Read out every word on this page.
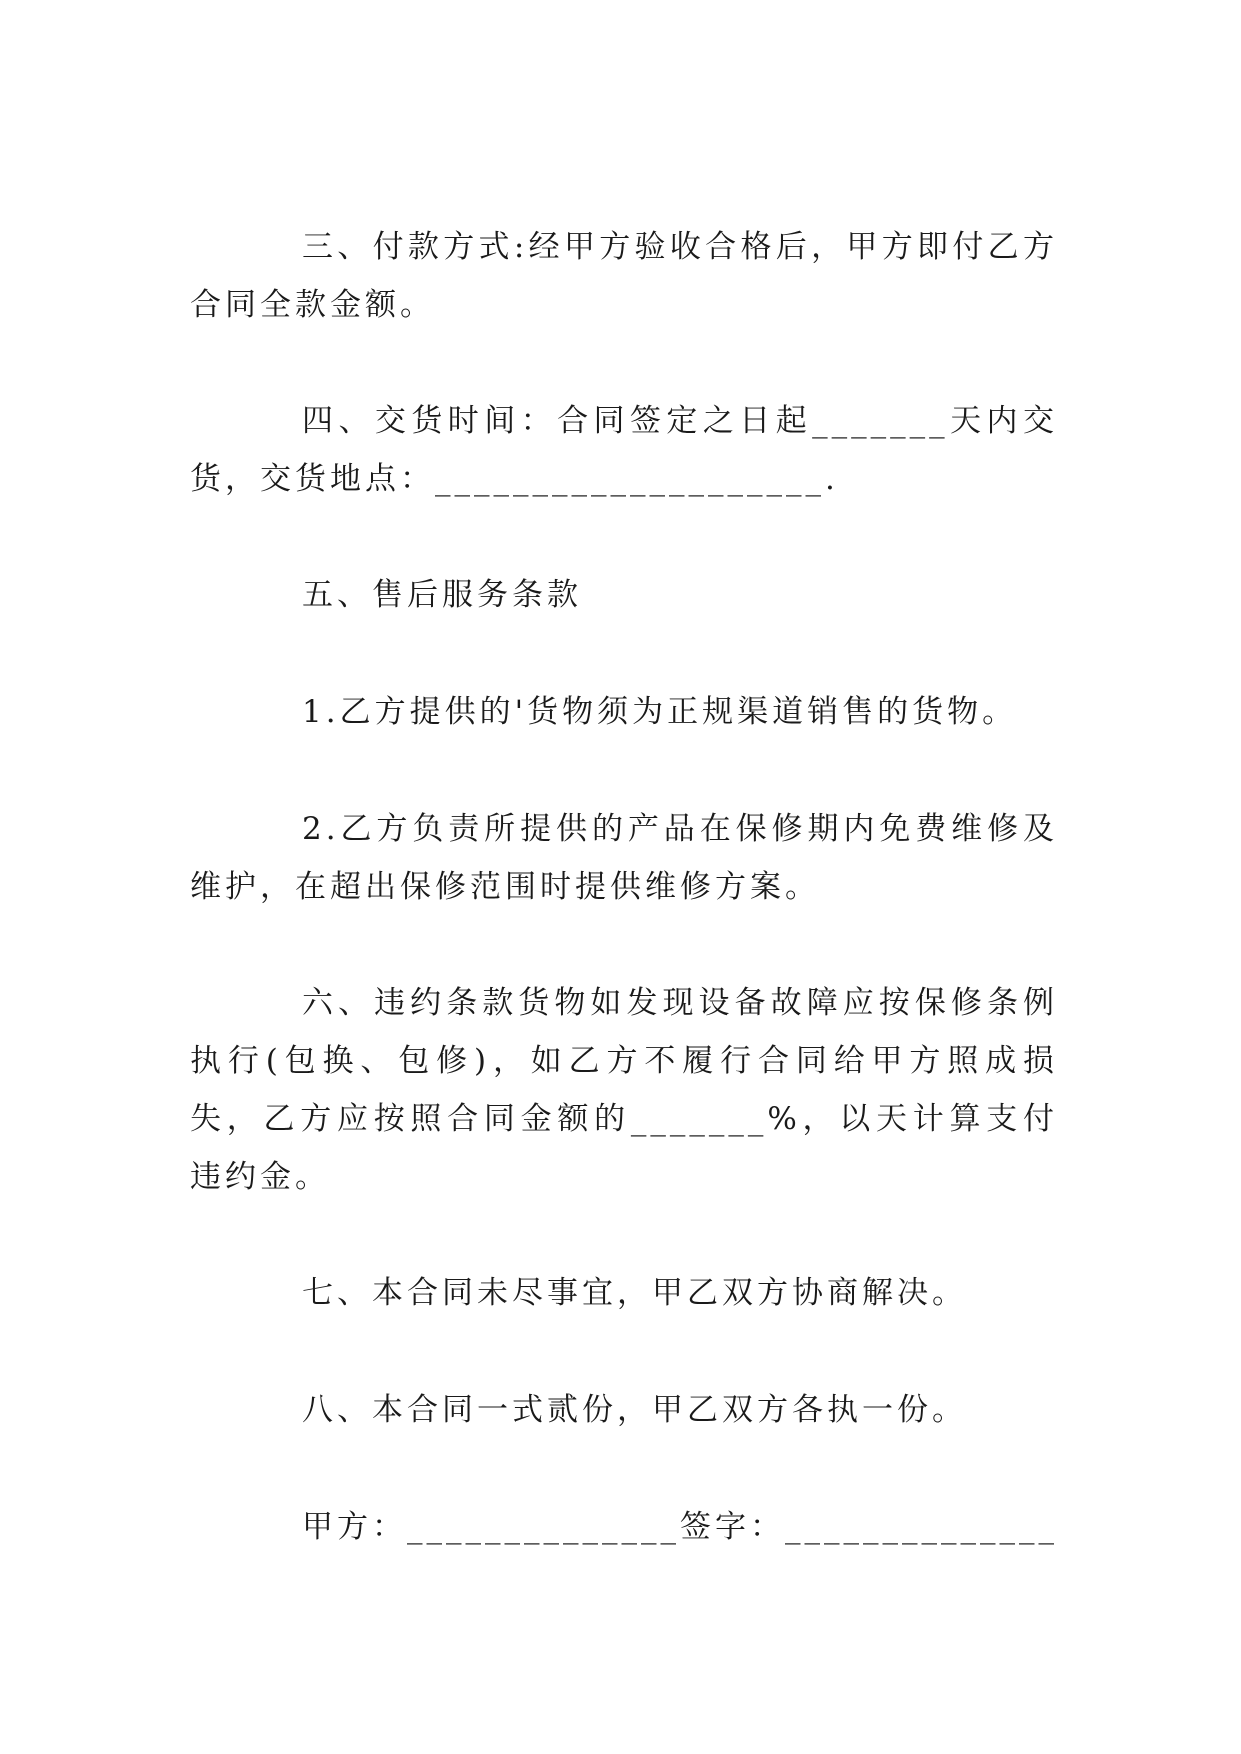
三、付款方式:经甲方验收合格后，甲方即付乙方合同全款金额。

四、交货时间：合同签定之日起_______天内交货，交货地点：____________________.

五、售后服务条款

1.乙方提供的'货物须为正规渠道销售的货物。

2.乙方负责所提供的产品在保修期内免费维修及维护，在超出保修范围时提供维修方案。

六、违约条款货物如发现设备故障应按保修条例执行(包换、包修)，如乙方不履行合同给甲方照成损失，乙方应按照合同金额的_______%，以天计算支付违约金。

七、本合同未尽事宜，甲乙双方协商解决。

八、本合同一式贰份，甲乙双方各执一份。

甲方：______________签字：______________
